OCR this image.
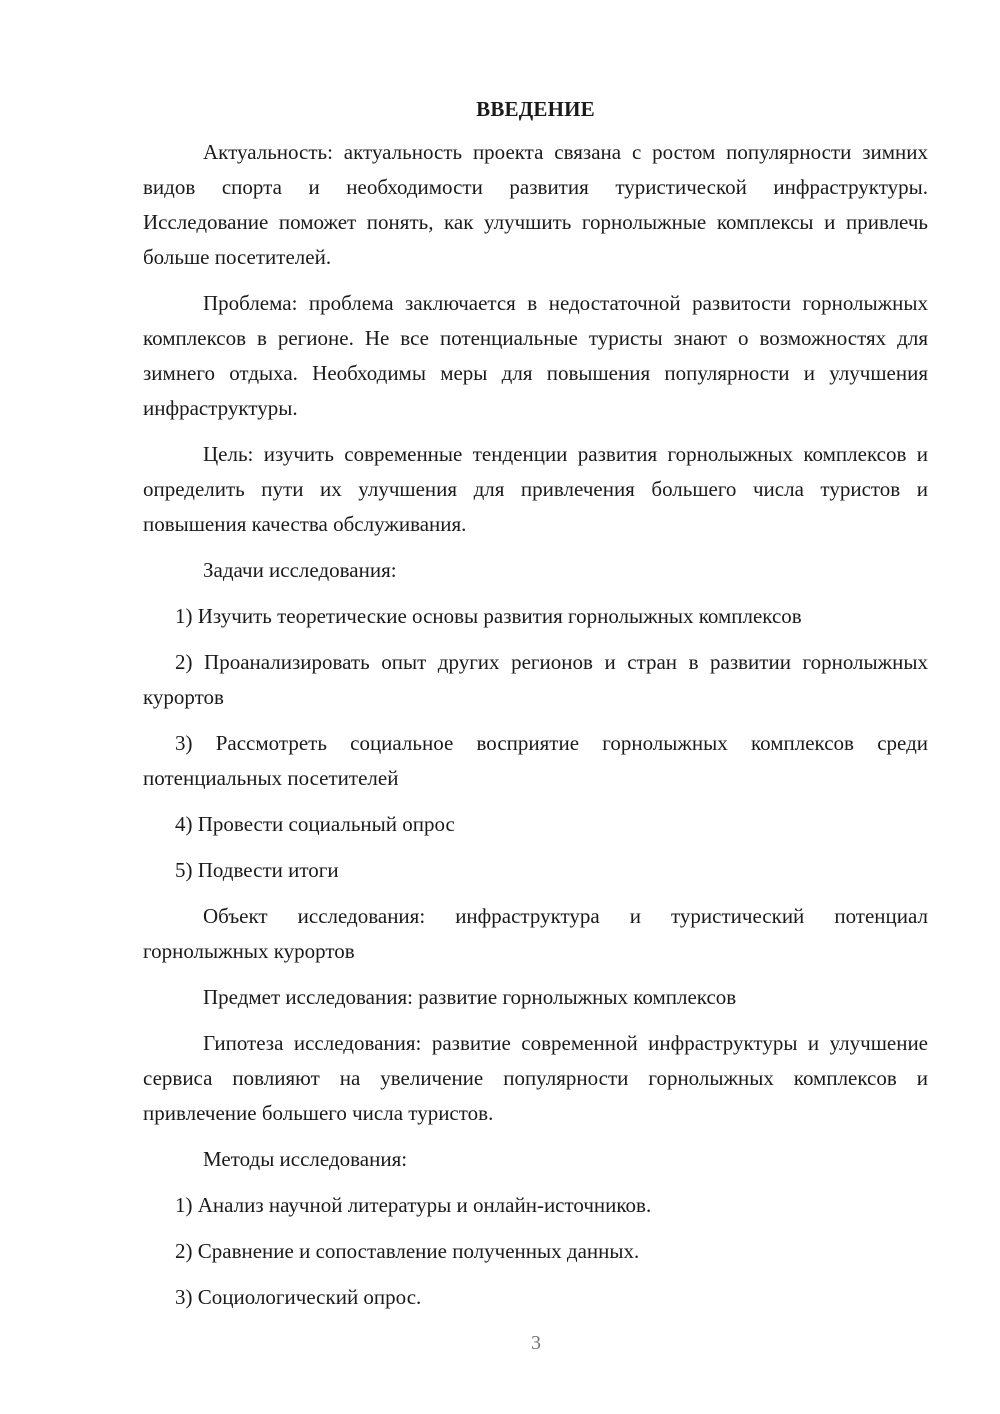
ВВЕДЕНИЕ

Актуальность: актуальность проекта связана с ростом популярности зимних видов спорта и необходимости развития туристической инфраструктуры. Исследование поможет понять, как улучшить горнолыжные комплексы и привлечь больше посетителей.

Проблема: проблема заключается в недостаточной развитости горнолыжных комплексов в регионе. Не все потенциальные туристы знают о возможностях для зимнего отдыха. Необходимы меры для повышения популярности и улучшения инфраструктуры.

Цель: изучить современные тенденции развития горнолыжных комплексов и определить пути их улучшения для привлечения большего числа туристов и повышения качества обслуживания.

Задачи исследования:

1) Изучить теоретические основы развития горнолыжных комплексов

2) Проанализировать опыт других регионов и стран в развитии горнолыжных курортов

3) Рассмотреть социальное восприятие горнолыжных комплексов среди потенциальных посетителей

4) Провести социальный опрос

5) Подвести итоги

Объект исследования: инфраструктура и туристический потенциал горнолыжных курортов

Предмет исследования: развитие горнолыжных комплексов

Гипотеза исследования: развитие современной инфраструктуры и улучшение сервиса повлияют на увеличение популярности горнолыжных комплексов и привлечение большего числа туристов.

Методы исследования:

1) Анализ научной литературы и онлайн-источников.

2) Сравнение и сопоставление полученных данных.

3) Социологический опрос.

3
